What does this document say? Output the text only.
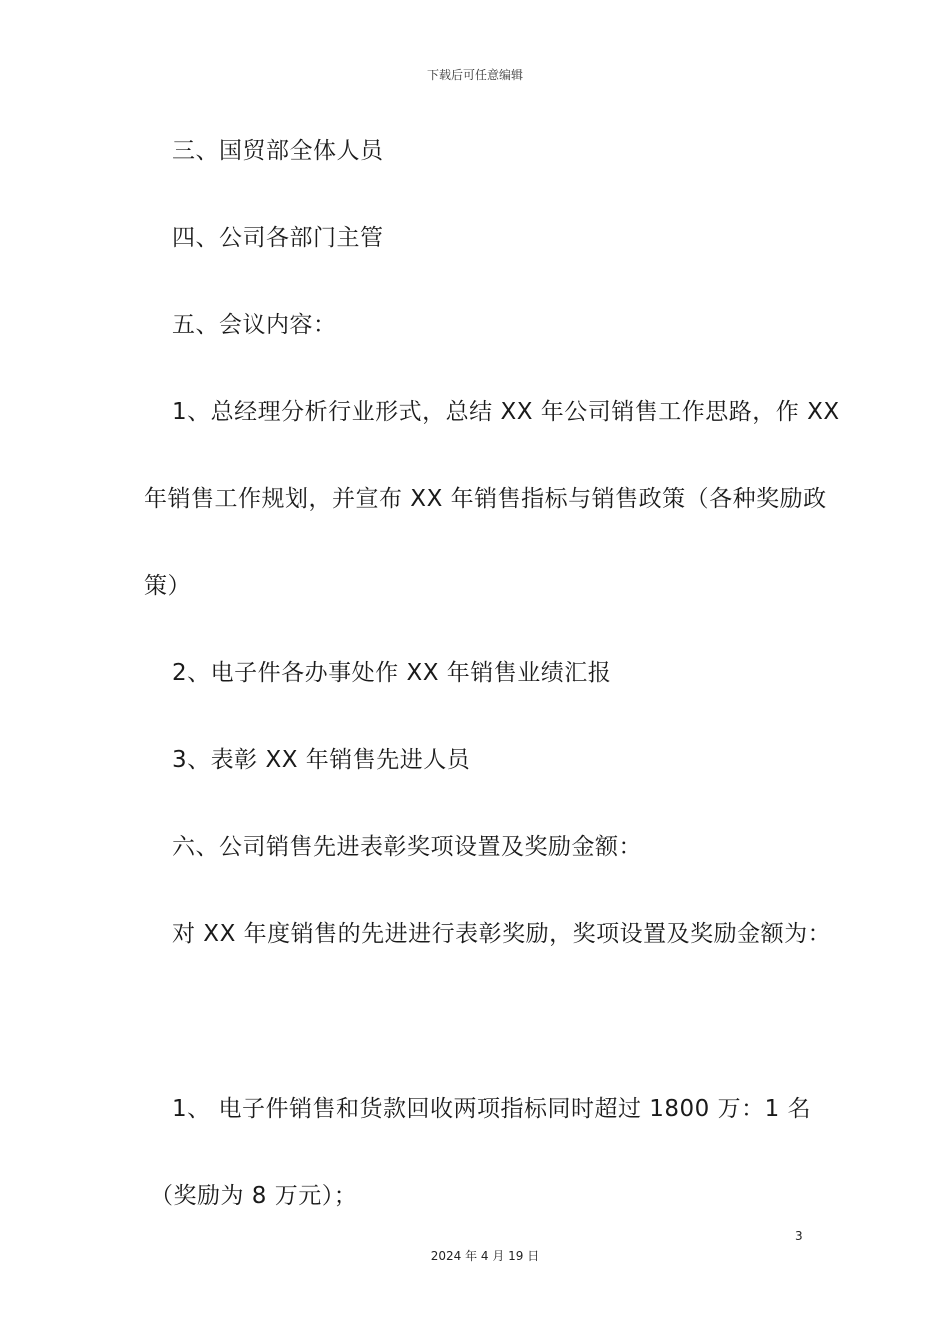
下载后可任意编辑
三、国贸部全体人员
四、公司各部门主管
五、会议内容：
1、总经理分析行业形式，总结 XX 年公司销售工作思路，作 XX
年销售工作规划，并宣布 XX 年销售指标与销售政策（各种奖励政
策）
2、电子件各办事处作 XX 年销售业绩汇报
3、表彰 XX 年销售先进人员
六、公司销售先进表彰奖项设置及奖励金额：
对 XX 年度销售的先进进行表彰奖励，奖项设置及奖励金额为：
1、 电子件销售和货款回收两项指标同时超过 1800 万：1 名
（奖励为 8 万元）；
3
2024 年 4 月 19 日
